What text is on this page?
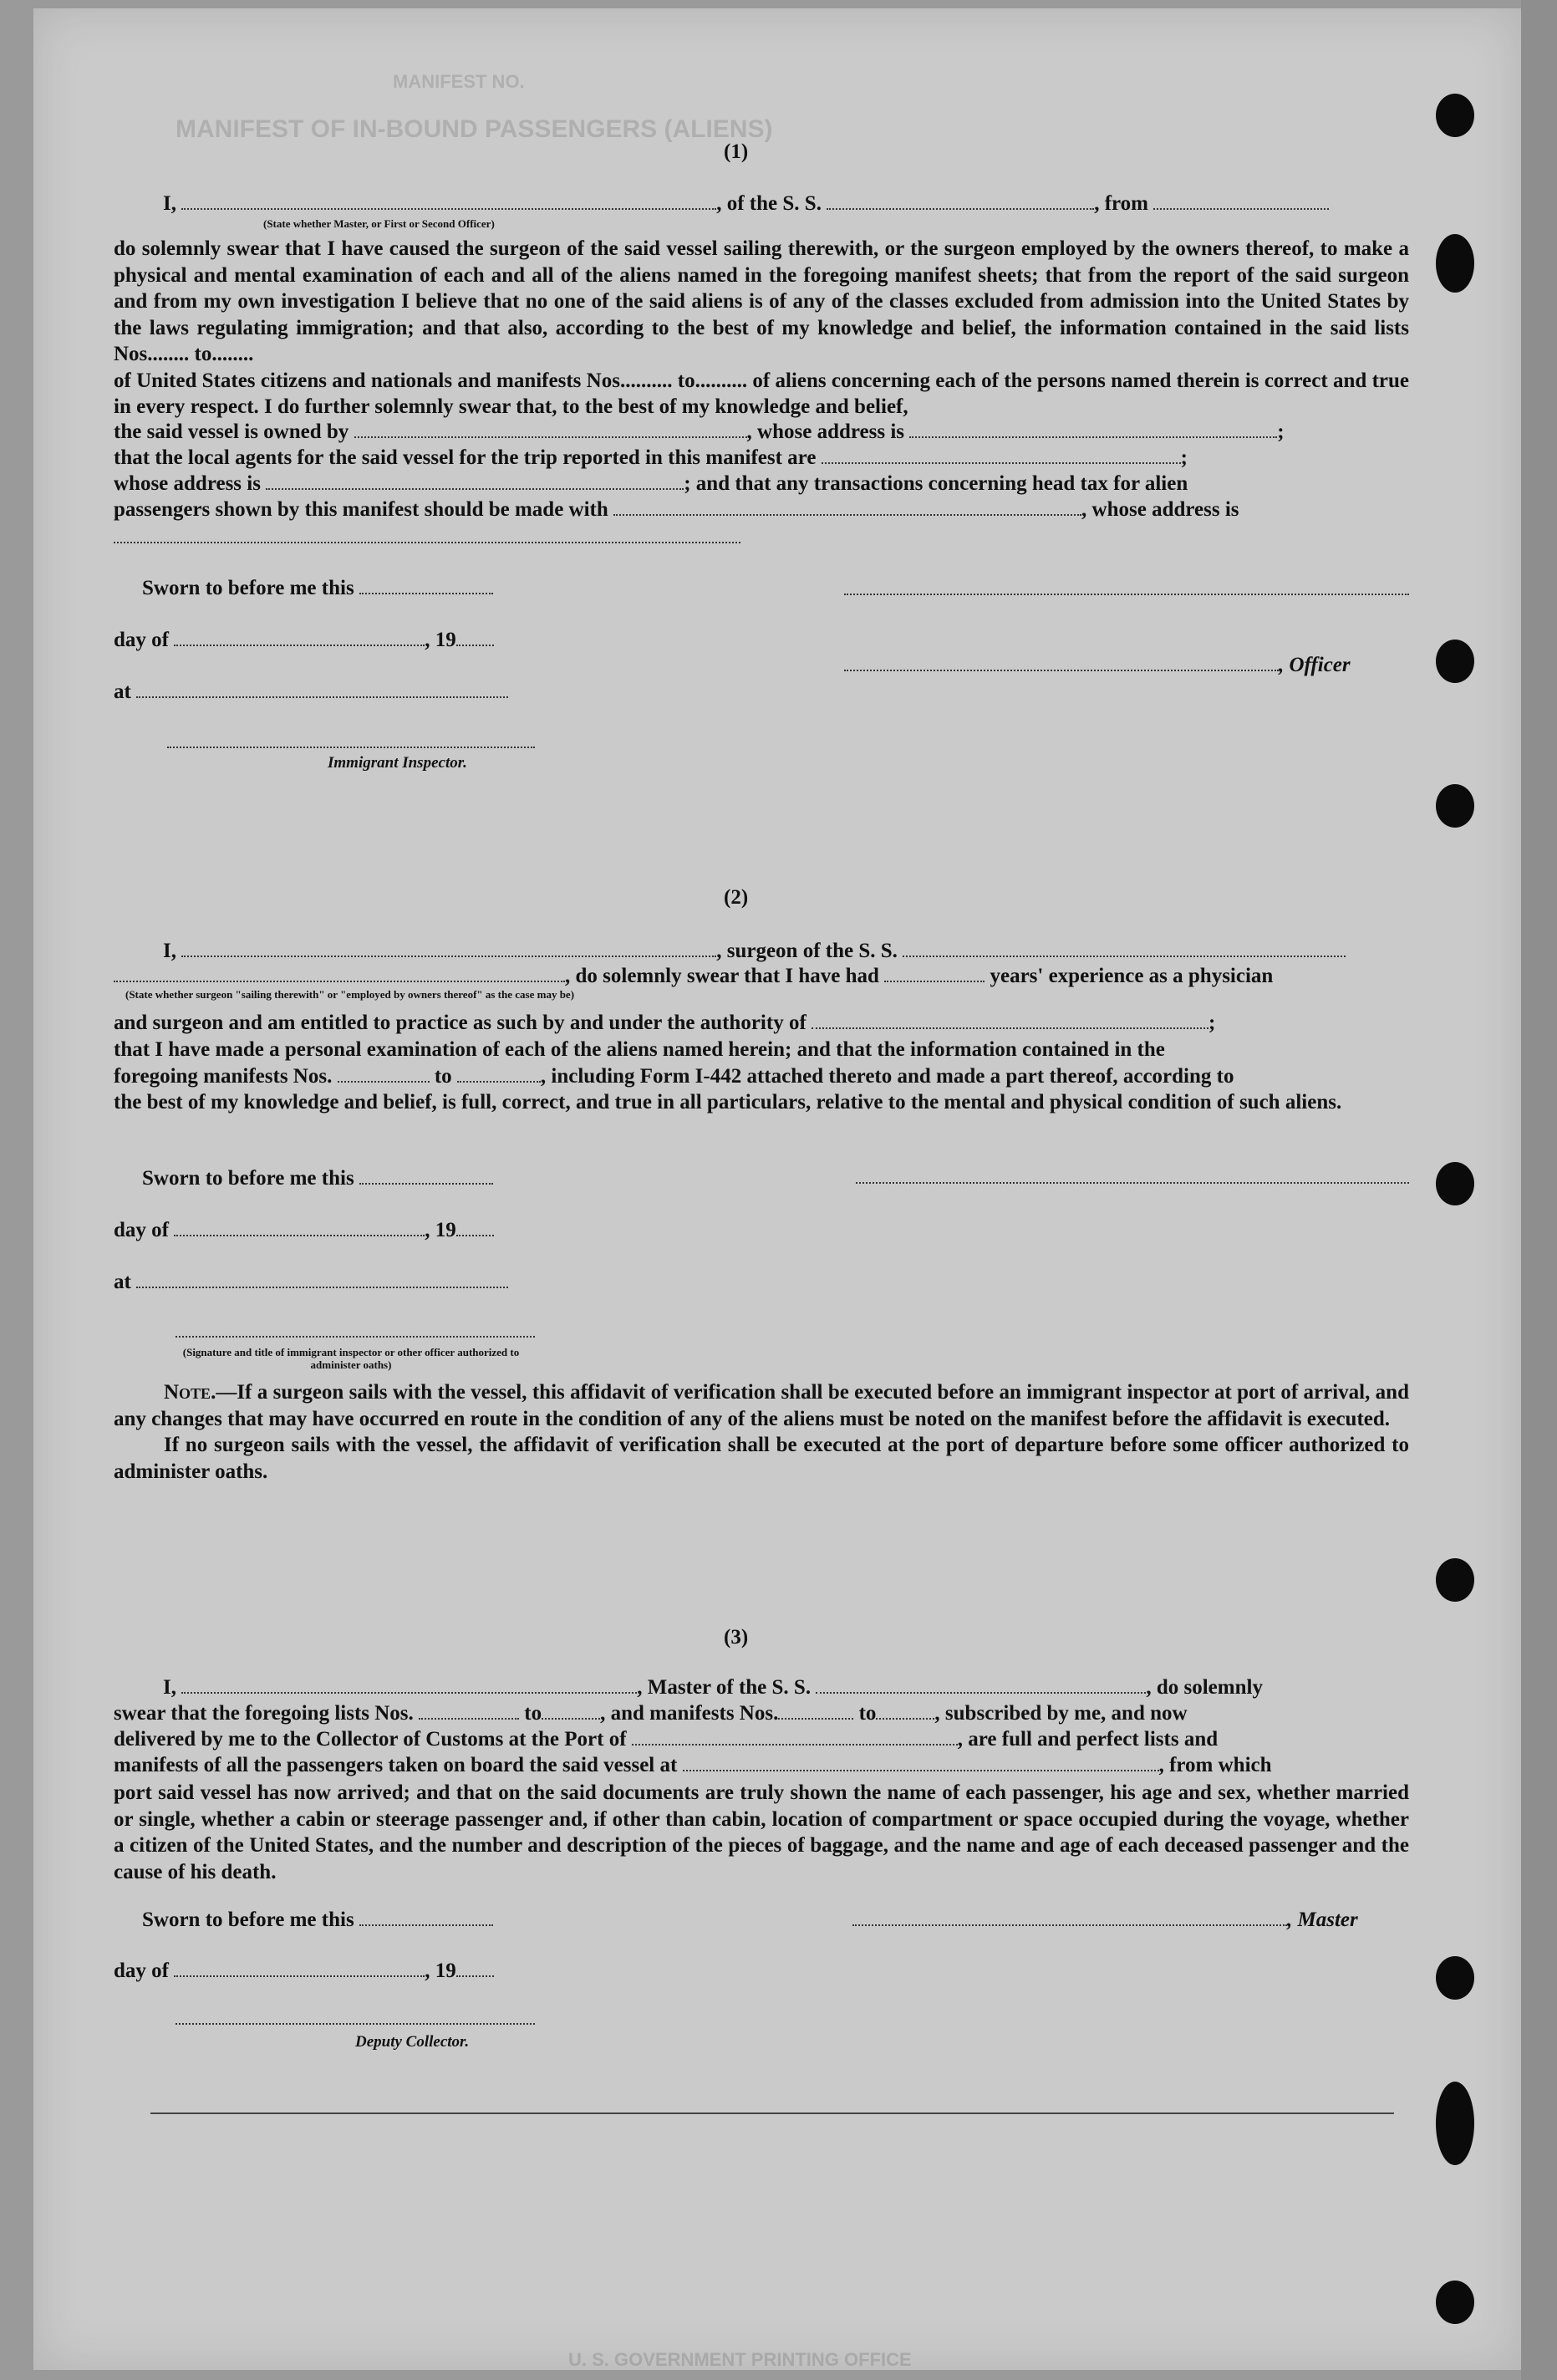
MANIFEST NO.
MANIFEST OF IN-BOUND PASSENGERS (ALIENS)
U. S. GOVERNMENT PRINTING OFFICE
(1)
I,	, of the S. S.	, from
(State whether Master, or First or Second Officer)

do solemnly swear that I have caused the surgeon of the said vessel sailing therewith, or the surgeon employed by the owners thereof, to make a physical and mental examination of each and all of the aliens named in the foregoing manifest sheets; that from the report of the said surgeon and from my own investigation I believe that no one of the said aliens is of any of the classes excluded from admission into the United States by the laws regulating immigration; and that also, according to the best of my knowledge and belief, the information contained in the said lists Nos........ to........

of United States citizens and nationals and manifests Nos.......... to.......... of aliens concerning each of the persons named therein is correct and true in every respect. I do further solemnly swear that, to the best of my knowledge and belief,

the said vessel is owned by	, whose address is	;
that the local agents for the said vessel for the trip reported in this manifest are	;
whose address is	; and that any transactions concerning head tax for alien
passengers shown by this manifest should be made with	, whose address is
Sworn to before me this
day of	, 19
, Officer
at
Immigrant Inspector.
(2)
I,	, surgeon of the S. S.
, do solemnly swear that I have had	years' experience as a physician
(State whether surgeon "sailing therewith" or "employed by owners thereof" as the case may be)
and surgeon and am entitled to practice as such by and under the authority of	;

that I have made a personal examination of each of the aliens named herein; and that the information contained in the

foregoing manifests Nos.	to	, including Form I-442 attached thereto and made a part thereof, according to

the best of my knowledge and belief, is full, correct, and true in all particulars, relative to the mental and physical condition of such aliens.

Sworn to before me this
day of	, 19
at
(Signature and title of immigrant inspector or other officer authorized to administer oaths)

Note.—If a surgeon sails with the vessel, this affidavit of verification shall be executed before an immigrant inspector at port of arrival, and any changes that may have occurred en route in the condition of any of the aliens must be noted on the manifest before the affidavit is executed.

If no surgeon sails with the vessel, the affidavit of verification shall be executed at the port of departure before some officer authorized to administer oaths.

(3)
I,	, Master of the S. S.	, do solemnly
swear that the foregoing lists Nos.	to	, and manifests Nos.	to	, subscribed by me, and now
delivered by me to the Collector of Customs at the Port of	, are full and perfect lists and
manifests of all the passengers taken on board the said vessel at	, from which

port said vessel has now arrived; and that on the said documents are truly shown the name of each passenger, his age and sex, whether married or single, whether a cabin or steerage passenger and, if other than cabin, location of compartment or space occupied during the voyage, whether a citizen of the United States, and the number and description of the pieces of baggage, and the name and age of each deceased passenger and the cause of his death.

Sworn to before me this	, Master
day of	, 19
Deputy Collector.
